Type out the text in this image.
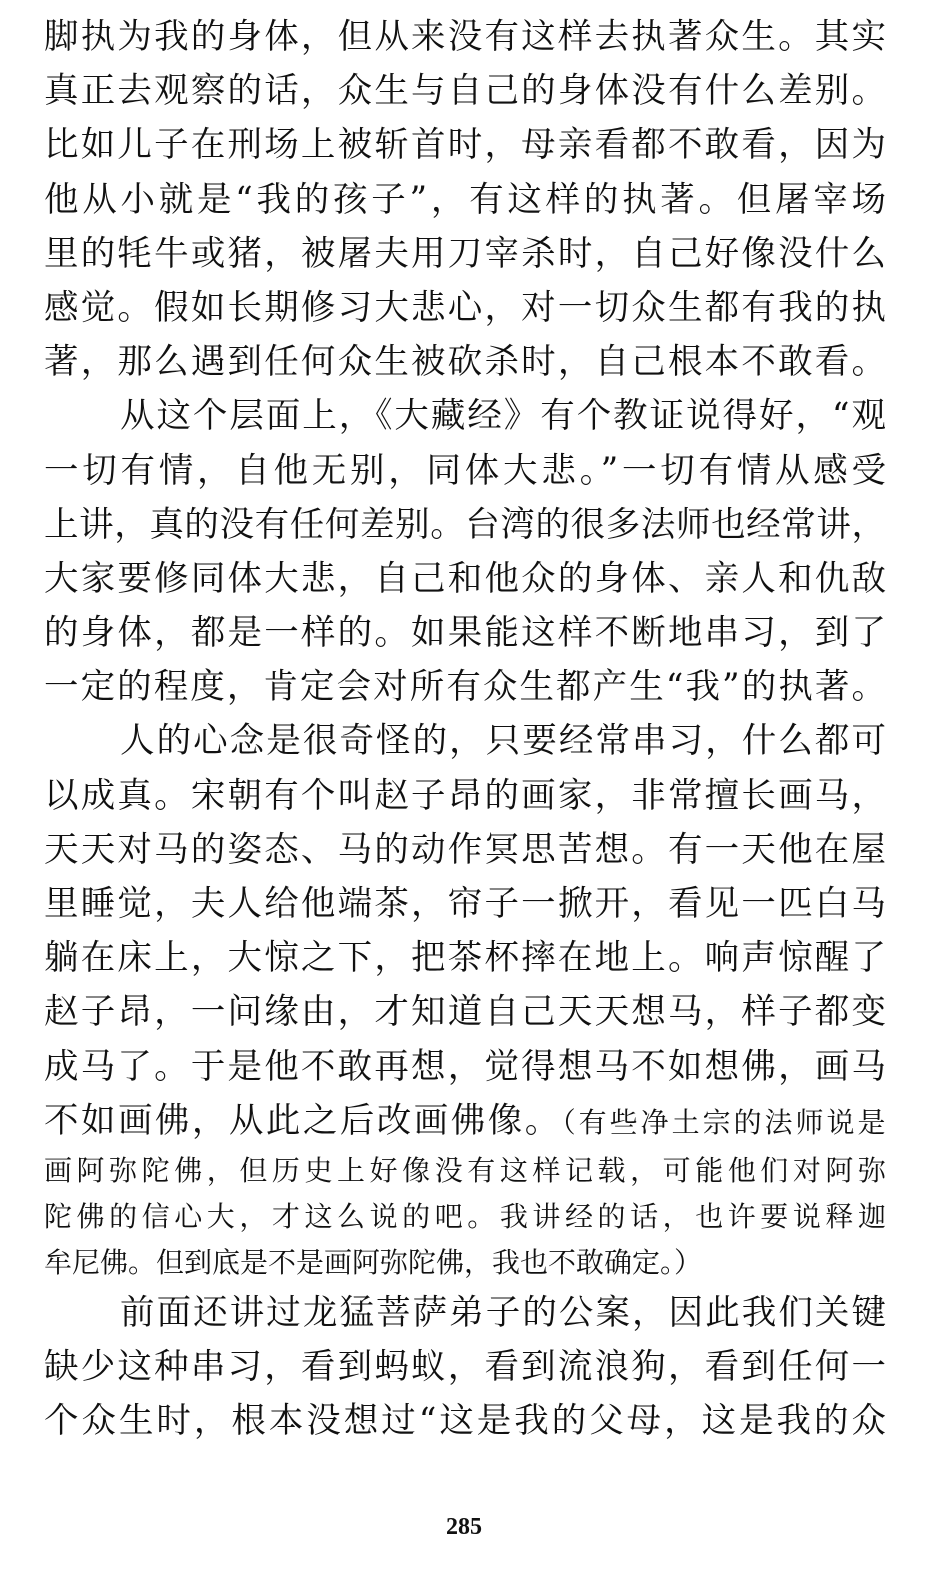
脚执为我的身体，但从来没有这样去执著众生。其实
真正去观察的话，众生与自己的身体没有什么差别。
比如儿子在刑场上被斩首时，母亲看都不敢看，因为
他从小就是“我的孩子”，有这样的执著。但屠宰场
里的牦牛或猪，被屠夫用刀宰杀时，自己好像没什么
感觉。假如长期修习大悲心，对一切众生都有我的执
著，那么遇到任何众生被砍杀时，自己根本不敢看。
从这个层面上，《大藏经》有个教证说得好，“观
一切有情，自他无别，同体大悲。”一切有情从感受
上讲，真的没有任何差别。台湾的很多法师也经常讲，
大家要修同体大悲，自己和他众的身体、亲人和仇敌
的身体，都是一样的。如果能这样不断地串习，到了
一定的程度，肯定会对所有众生都产生“我”的执著。
人的心念是很奇怪的，只要经常串习，什么都可
以成真。宋朝有个叫赵子昂的画家，非常擅长画马，
天天对马的姿态、马的动作冥思苦想。有一天他在屋
里睡觉，夫人给他端茶，帘子一掀开，看见一匹白马
躺在床上，大惊之下，把茶杯摔在地上。响声惊醒了
赵子昂，一问缘由，才知道自己天天想马，样子都变
成马了。于是他不敢再想，觉得想马不如想佛，画马
不如画佛，从此之后改画佛像。（有些净土宗的法师说是
画阿弥陀佛，但历史上好像没有这样记载，可能他们对阿弥
陀佛的信心大，才这么说的吧。我讲经的话，也许要说释迦
牟尼佛。但到底是不是画阿弥陀佛，我也不敢确定。）
前面还讲过龙猛菩萨弟子的公案，因此我们关键
缺少这种串习，看到蚂蚁，看到流浪狗，看到任何一
个众生时，根本没想过“这是我的父母，这是我的众
285
